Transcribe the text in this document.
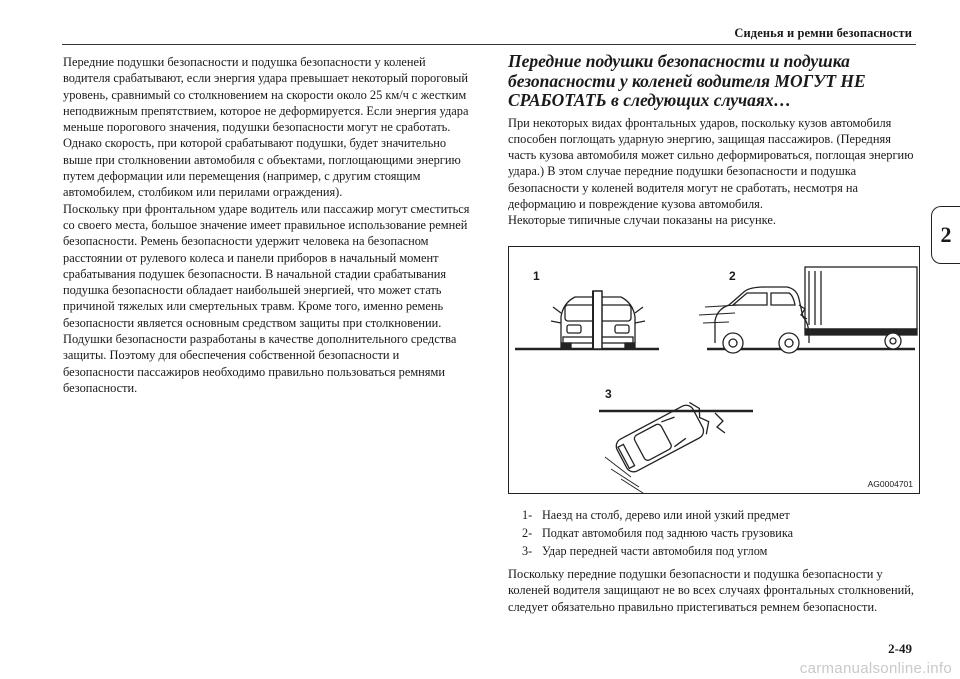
Сиденья и ремни безопасности
2

Передние подушки безопасности и подушка безопасности у коленей водителя срабатывают, если энергия удара превышает некоторый пороговый уровень, сравнимый со столкновением на скорости около 25 км/ч с жестким неподвижным препятствием, которое не деформируется. Если энергия удара меньше порогового значения, подушки безопасности могут не сработать. Однако скорость, при которой срабатывают подушки, будет значительно выше при столкновении автомобиля с объектами, поглощающими энергию путем деформации или перемещения (например, с другим стоящим автомобилем, столбиком или перилами ограждения).

Поскольку при фронтальном ударе водитель или пассажир могут сместиться со своего места, большое значение имеет правильное использование ремней безопасности. Ремень безопасности удержит человека на безопасном расстоянии от рулевого колеса и панели приборов в начальный момент срабатывания подушек безопасности. В начальной стадии срабатывания подушка безопасности обладает наибольшей энергией, что может стать причиной тяжелых или смертельных травм. Кроме того, именно ремень безопасности является основным средством защиты при столкновении. Подушки безопасности разработаны в качестве дополнительного средства защиты. Поэтому для обеспечения собственной безопасности и безопасности пассажиров необходимо правильно пользоваться ремнями безопасности.

Передние подушки безопасности и подушка безопасности у коленей водителя МОГУТ НЕ СРАБОТАТЬ в следующих случаях…

При некоторых видах фронтальных ударов, поскольку кузов автомобиля способен поглощать ударную энергию, защищая пассажиров. (Передняя часть кузова автомобиля может сильно деформироваться, поглощая энергию удара.) В этом случае передние подушки безопасности и подушка безопасности у коленей водителя могут не сработать, несмотря на деформацию и повреждение кузова автомобиля.

Некоторые типичные случаи показаны на рисунке.

1	2
3
AG0004701
1- Наезд на столб, дерево или иной узкий предмет
2- Подкат автомобиля под заднюю часть грузовика
3- Удар передней части автомобиля под углом

Поскольку передние подушки безопасности и подушка безопасности у коленей водителя защищают не во всех случаях фронтальных столкновений, следует обязательно правильно пристегиваться ремнем безопасности.

2-49
carmanualsonline.info
